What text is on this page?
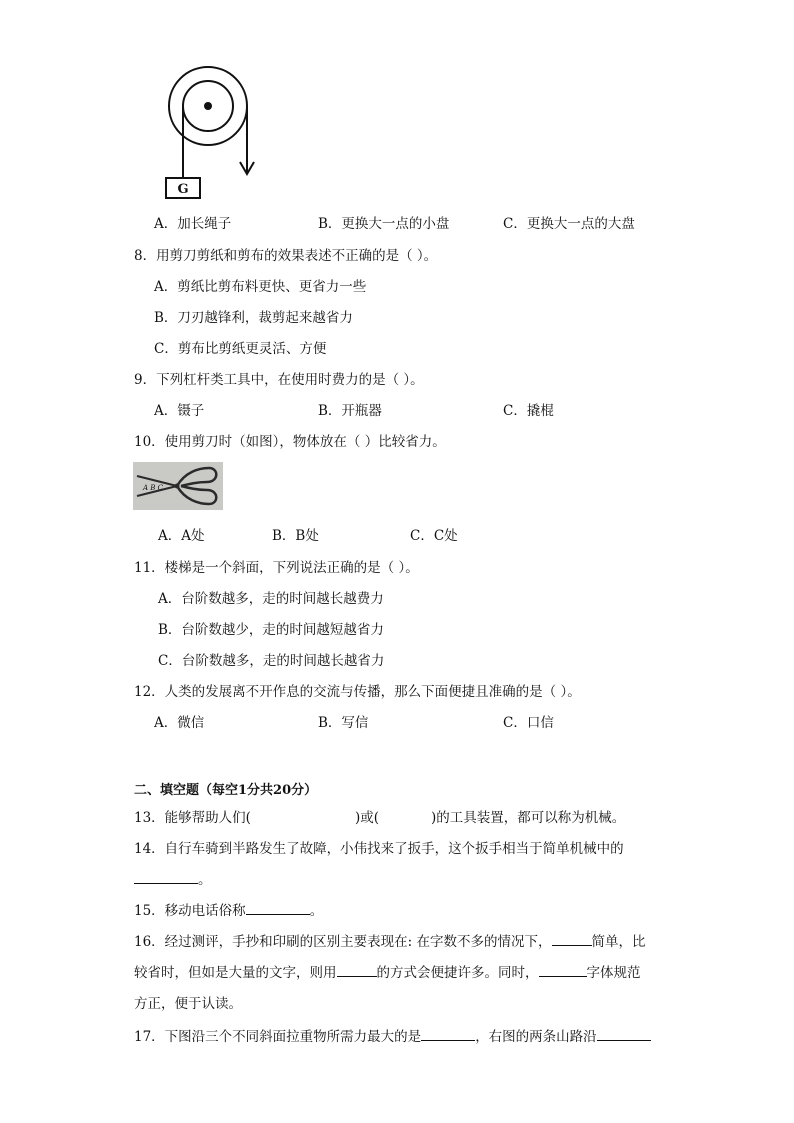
G
A．加长绳子	B．更换大一点的小盘	C．更换大一点的大盘
8．用剪刀剪纸和剪布的效果表述不正确的是（ ）。
A．剪纸比剪布料更快、更省力一些
B．刀刃越锋利，裁剪起来越省力
C．剪布比剪纸更灵活、方便
9．下列杠杆类工具中，在使用时费力的是（ ）。
A．镊子	B．开瓶器	C．撬棍
10．使用剪刀时（如图），物体放在（ ）比较省力。
A B C
A．A处	B．B处	C．C处
11．楼梯是一个斜面，下列说法正确的是（ ）。
A．台阶数越多，走的时间越长越费力
B．台阶数越少，走的时间越短越省力
C．台阶数越多，走的时间越长越省力
12．人类的发展离不开作息的交流与传播，那么下面便捷且准确的是（ ）。
A．微信	B．写信	C．口信
二、填空题（每空1分共20分）
13．能够帮助人们(	)或(	)的工具装置，都可以称为机械。
14．自行车骑到半路发生了故障，小伟找来了扳手，这个扳手相当于简单机械中的
。
15．移动电话俗称	。
16．经过测评，手抄和印刷的区别主要表现在: 在字数不多的情况下，	简单，比
较省时，但如是大量的文字，则用	的方式会便捷许多。同时，	字体规范
方正，便于认读。
17．下图沿三个不同斜面拉重物所需力最大的是	，右图的两条山路沿
